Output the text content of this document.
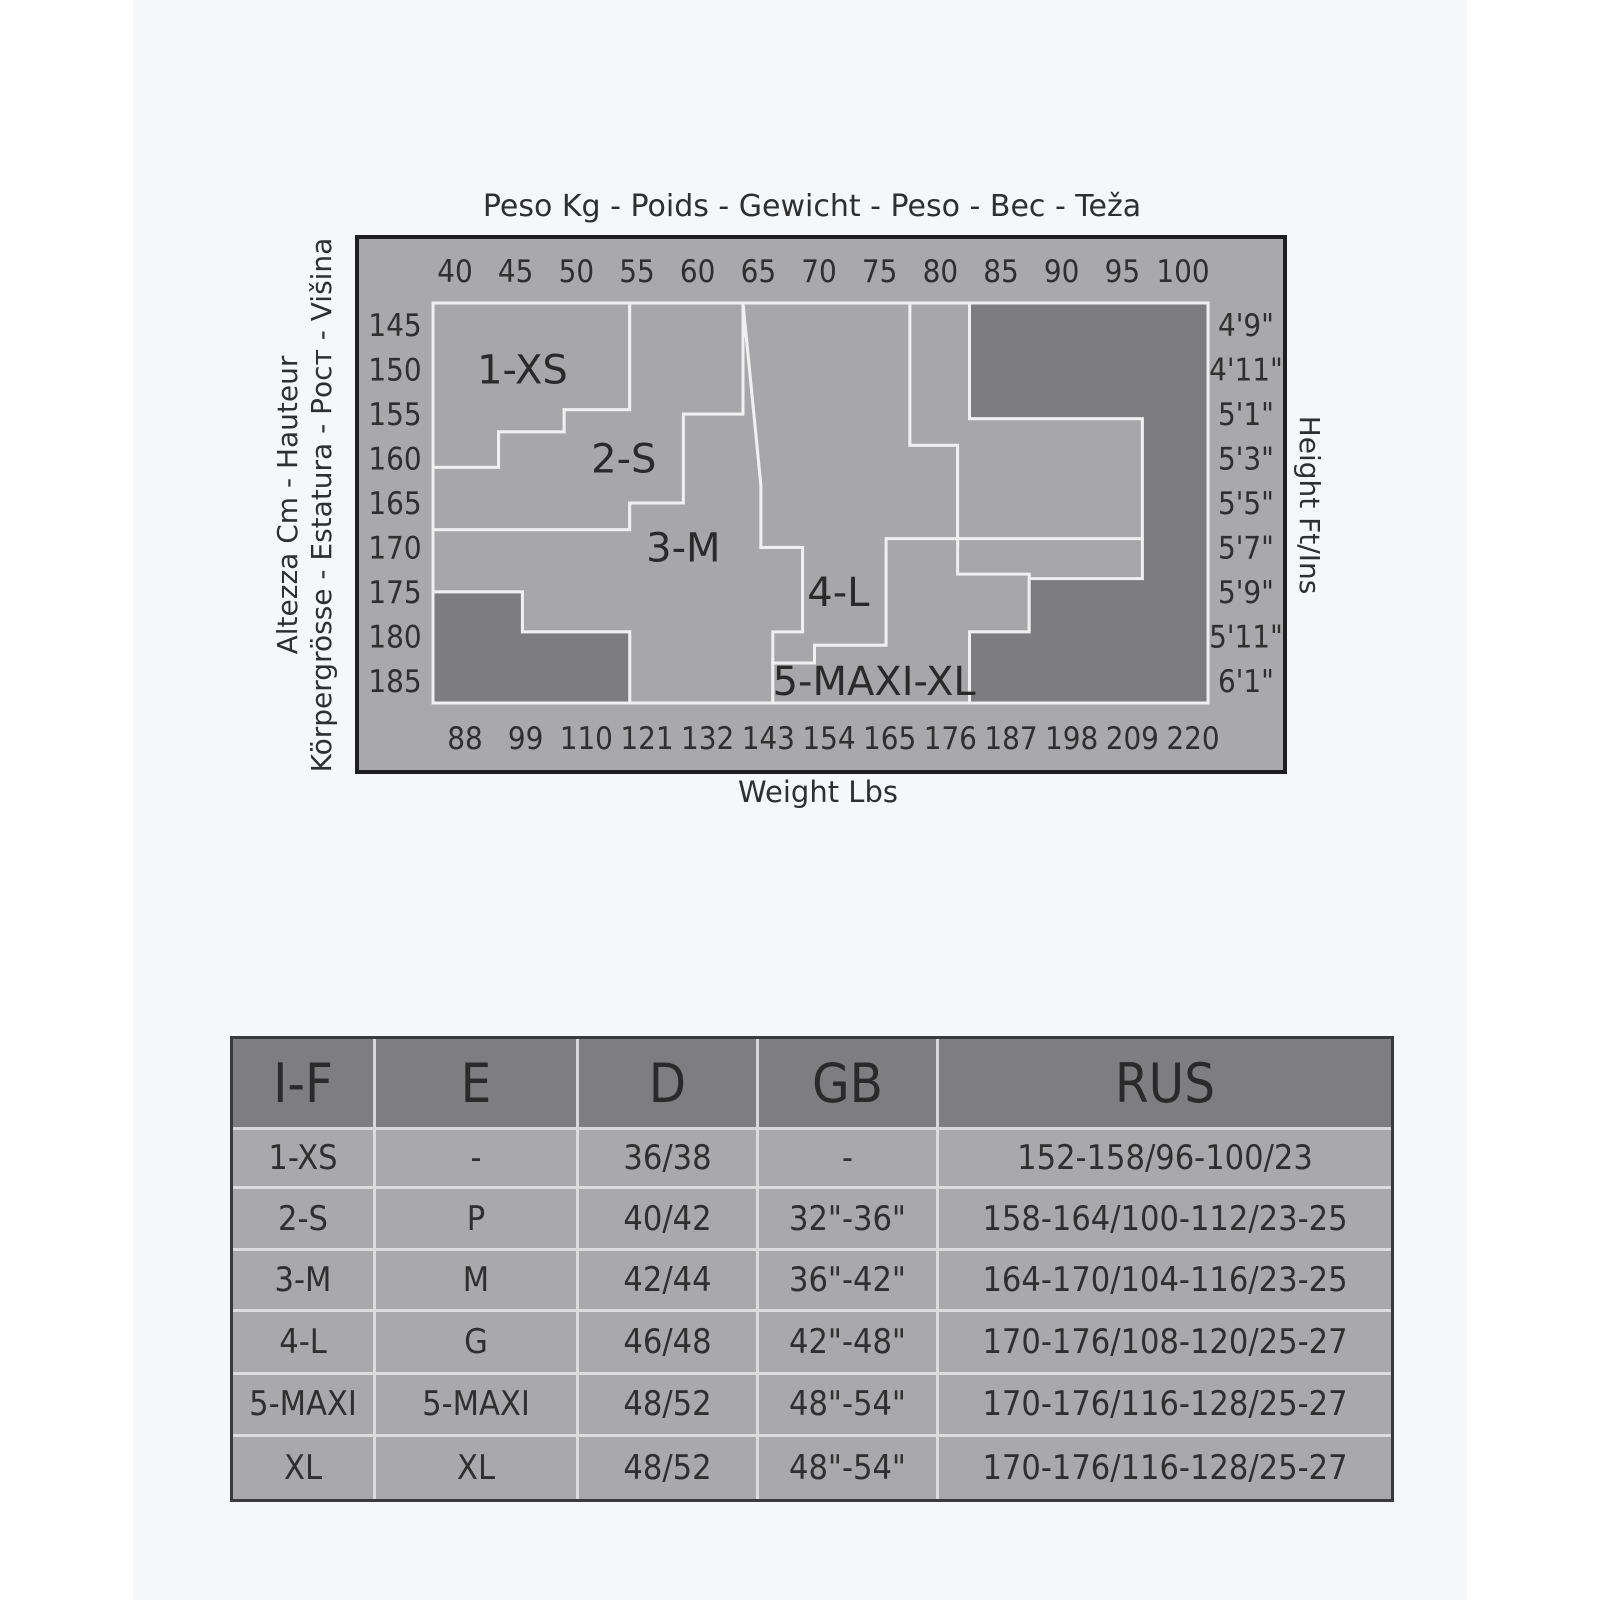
Peso Kg - Poids - Gewicht - Peso - Bec - Teža
1-XS
2-S
3-M
4-L
5-MAXI-XL
40 45 50 55 60 65 70 75 80 85 90 95 100
88 99 110 121 132 143 154 165 176 187 198 209 220
145
150
155
160
165
170
175
180
185
4'9"
4'11"
5'1"
5'3"
5'5"
5'7"
5'9"
5'11"
6'1"
Weight Lbs
Altezza Cm - Hauteur Körpergrösse - Estatura - Рост - Višina	Height Ft/Ins
I-F	E	D	GB	RUS
1-XS	-	36/38	-	152-158/96-100/23
2-S	P	40/42	32"-36"	158-164/100-112/23-25
3-M	M	42/44	36"-42"	164-170/104-116/23-25
4-L	G	46/48	42"-48"	170-176/108-120/25-27
5-MAXI	5-MAXI	48/52	48"-54"	170-176/116-128/25-27
XL	XL	48/52	48"-54"	170-176/116-128/25-27
